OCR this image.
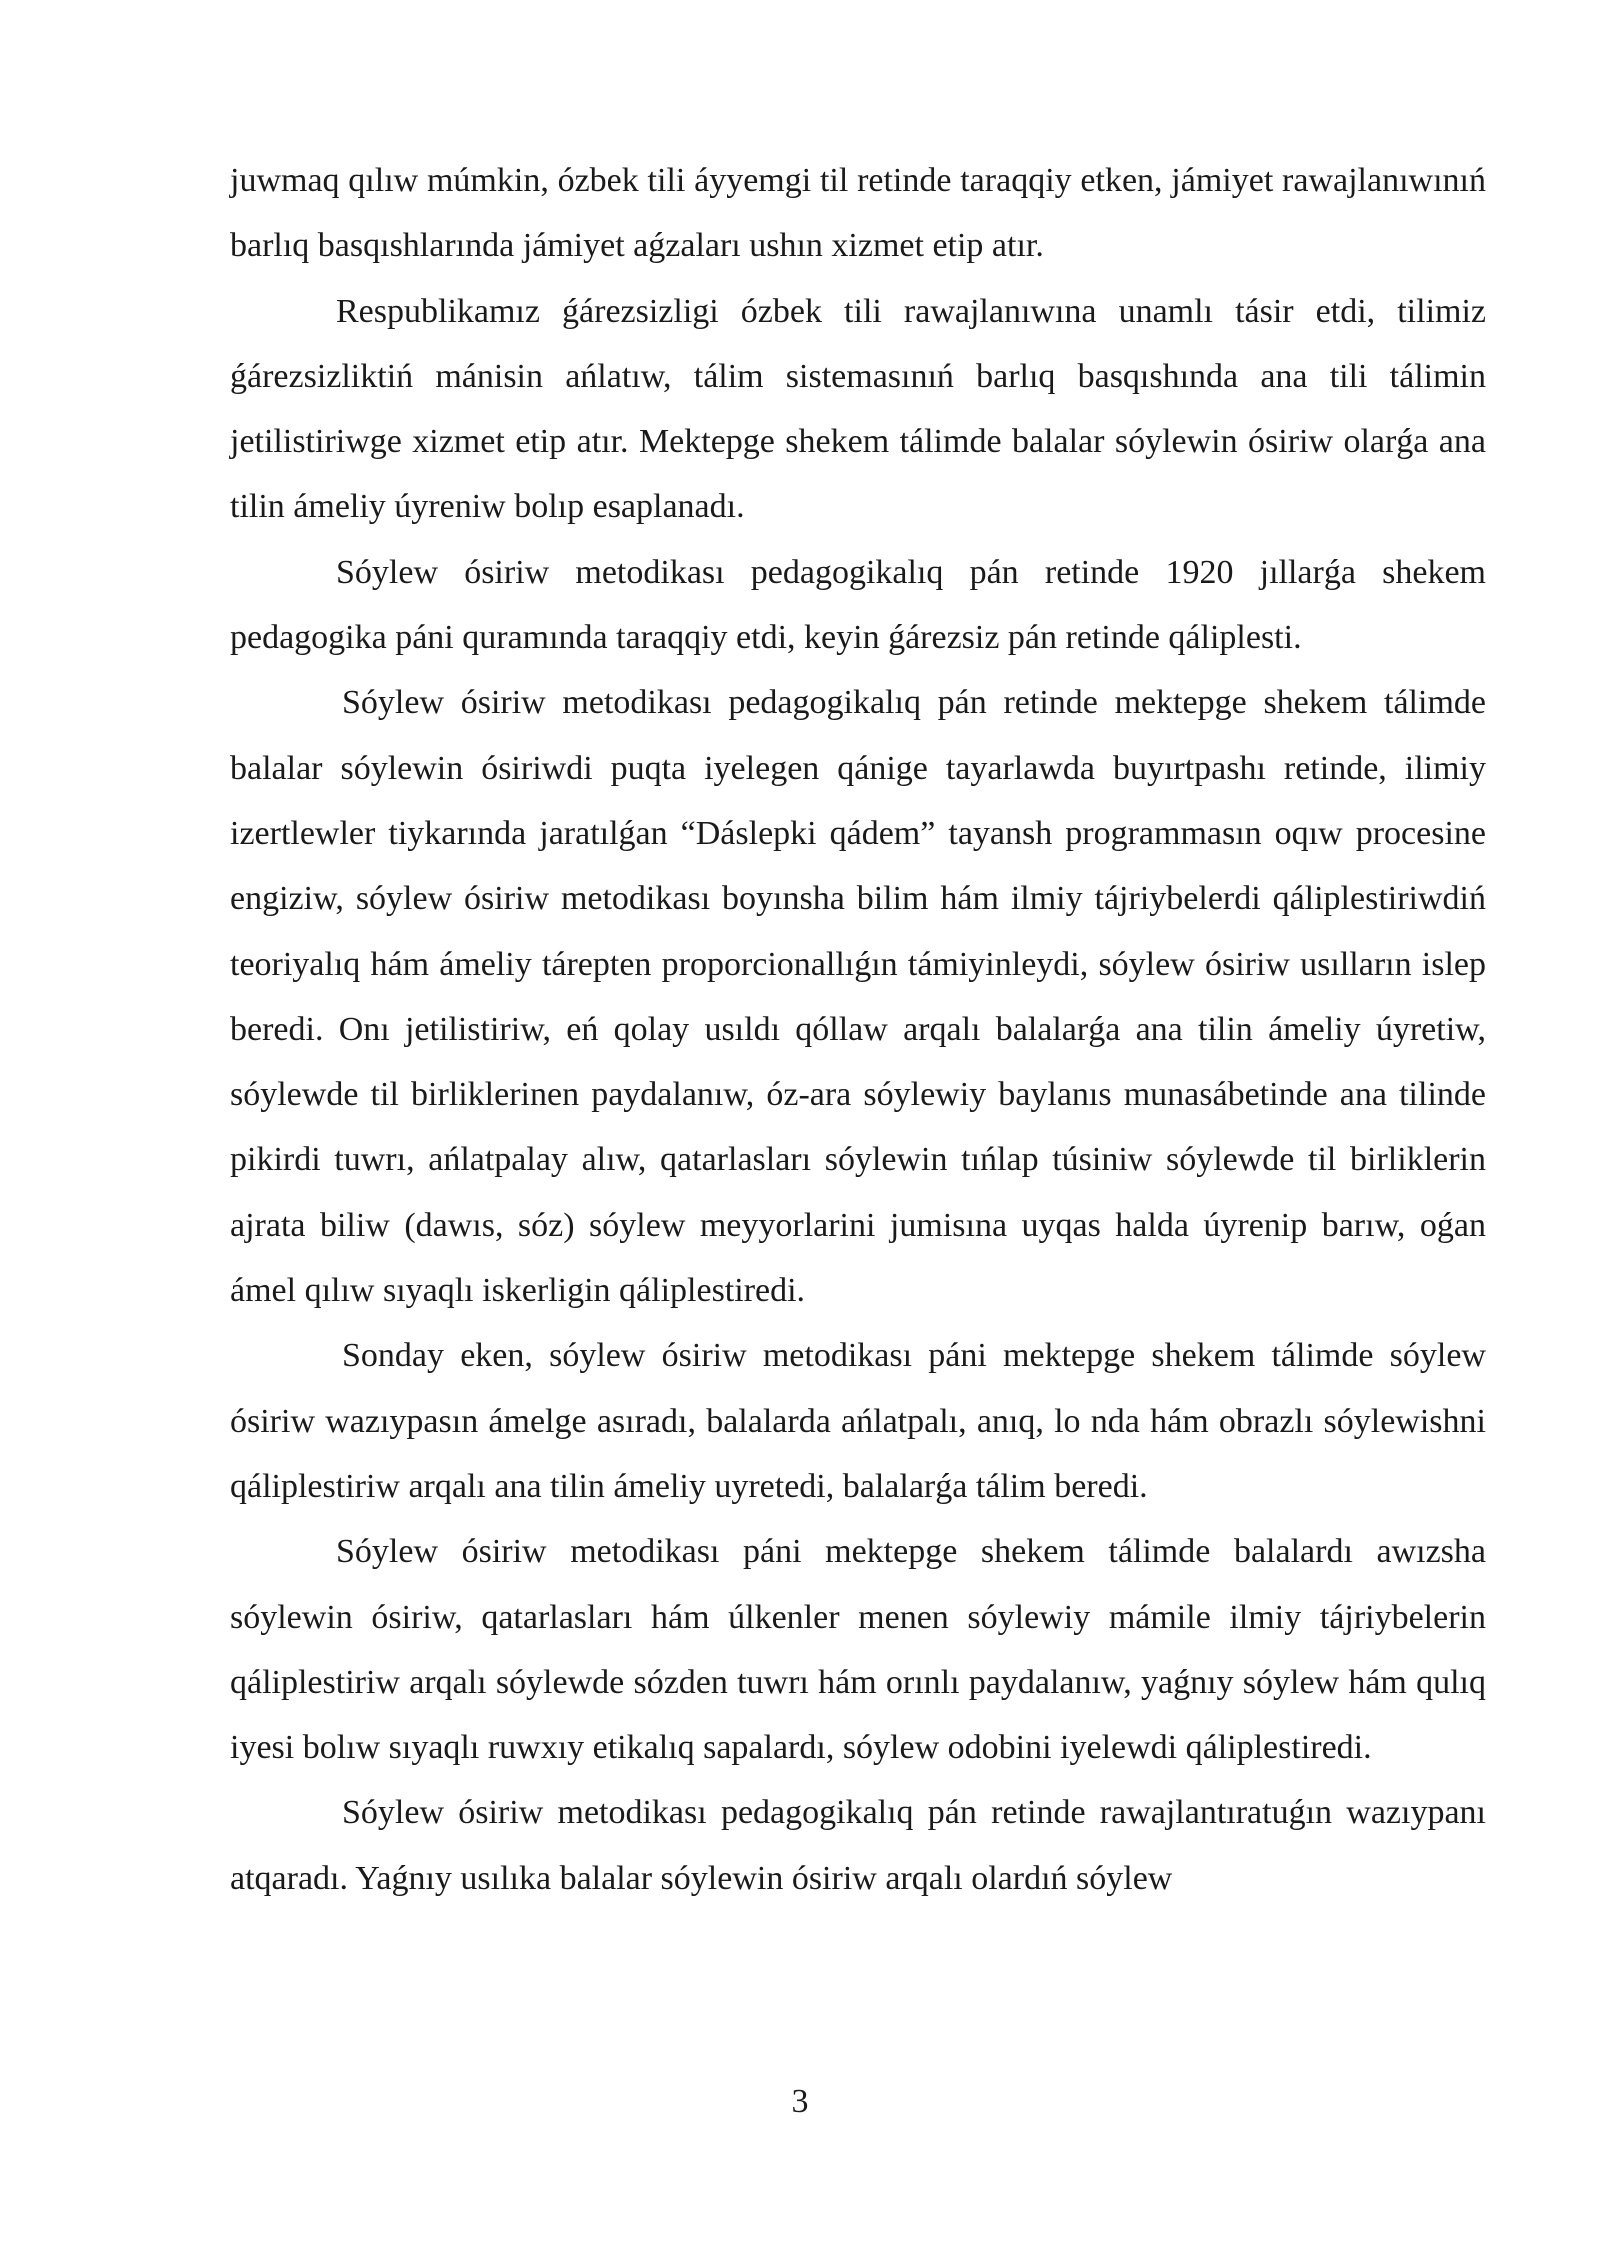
juwmaq qılıw múmkin, ózbek tili áyyemgi til retinde taraqqiy etken, jámiyet rawajlanıwınıń barlıq basqıshlarında jámiyet aǵzaları ushın xizmet etip atır.

Respublikamız ǵárezsizligi ózbek tili rawajlanıwına unamlı tásir etdi, tilimiz ǵárezsizliktiń mánisin ańlatıw, tálim sistemasınıń barlıq basqıshında ana tili tálimin jetilistiriwge xizmet etip atır. Mektepge shekem tálimde balalar sóylewin ósiriw olarǵa ana tilin ámeliy úyreniw bolıp esaplanadı.

Sóylew ósiriw metodikası pedagogikalıq pán retinde 1920 jıllarǵa shekem pedagogika páni quramında taraqqiy etdi, keyin ǵárezsiz pán retinde qáliplesti.

Sóylew ósiriw metodikası pedagogikalıq pán retinde mektepge shekem tálimde balalar sóylewin ósiriwdi puqta iyelegen qánige tayarlawda buyırtpashı retinde, ilimiy izertlewler tiykarında jaratılǵan “Dáslepki qádem” tayansh programmasın oqıw procesine engiziw, sóylew ósiriw metodikası boyınsha bilim hám ilmiy tájriybelerdi qáliplestiriwdiń teoriyalıq hám ámeliy tárepten proporcionallıǵın támiyinleydi, sóylew ósiriw usılların islep beredi. Onı jetilistiriw, eń qolay usıldı qóllaw arqalı balalarǵa ana tilin ámeliy úyretiw, sóylewde til birliklerinen paydalanıw, óz-ara sóylewiy baylanıs munasábetinde ana tilinde pikirdi tuwrı, ańlatpalay alıw, qatarlasları sóylewin tıńlap túsiniw sóylewde til birliklerin ajrata biliw (dawıs, sóz) sóylew meyyorlarini jumisına uyqas halda úyrenip barıw, oǵan ámel qılıw sıyaqlı iskerligin qáliplestiredi.

Sonday eken, sóylew ósiriw metodikası páni mektepge shekem tálimde sóylew ósiriw wazıypasın ámelge asıradı, balalarda ańlatpalı, anıq, lo nda hám obrazlı sóylewishni qáliplestiriw arqalı ana tilin ámeliy uyretedi, balalarǵa tálim beredi.

Sóylew ósiriw metodikası páni mektepge shekem tálimde balalardı awızsha sóylewin ósiriw, qatarlasları hám úlkenler menen sóylewiy mámile ilmiy tájriybelerin qáliplestiriw arqalı sóylewde sózden tuwrı hám orınlı paydalanıw, yaǵnıy sóylew hám qulıq iyesi bolıw sıyaqlı ruwxıy etikalıq sapalardı, sóylew odobini iyelewdi qáliplestiredi.

Sóylew ósiriw metodikası pedagogikalıq pán retinde rawajlantıratuǵın wazıypanı atqaradı. Yaǵnıy usılıka balalar sóylewin ósiriw arqalı olardıń sóylew

3
